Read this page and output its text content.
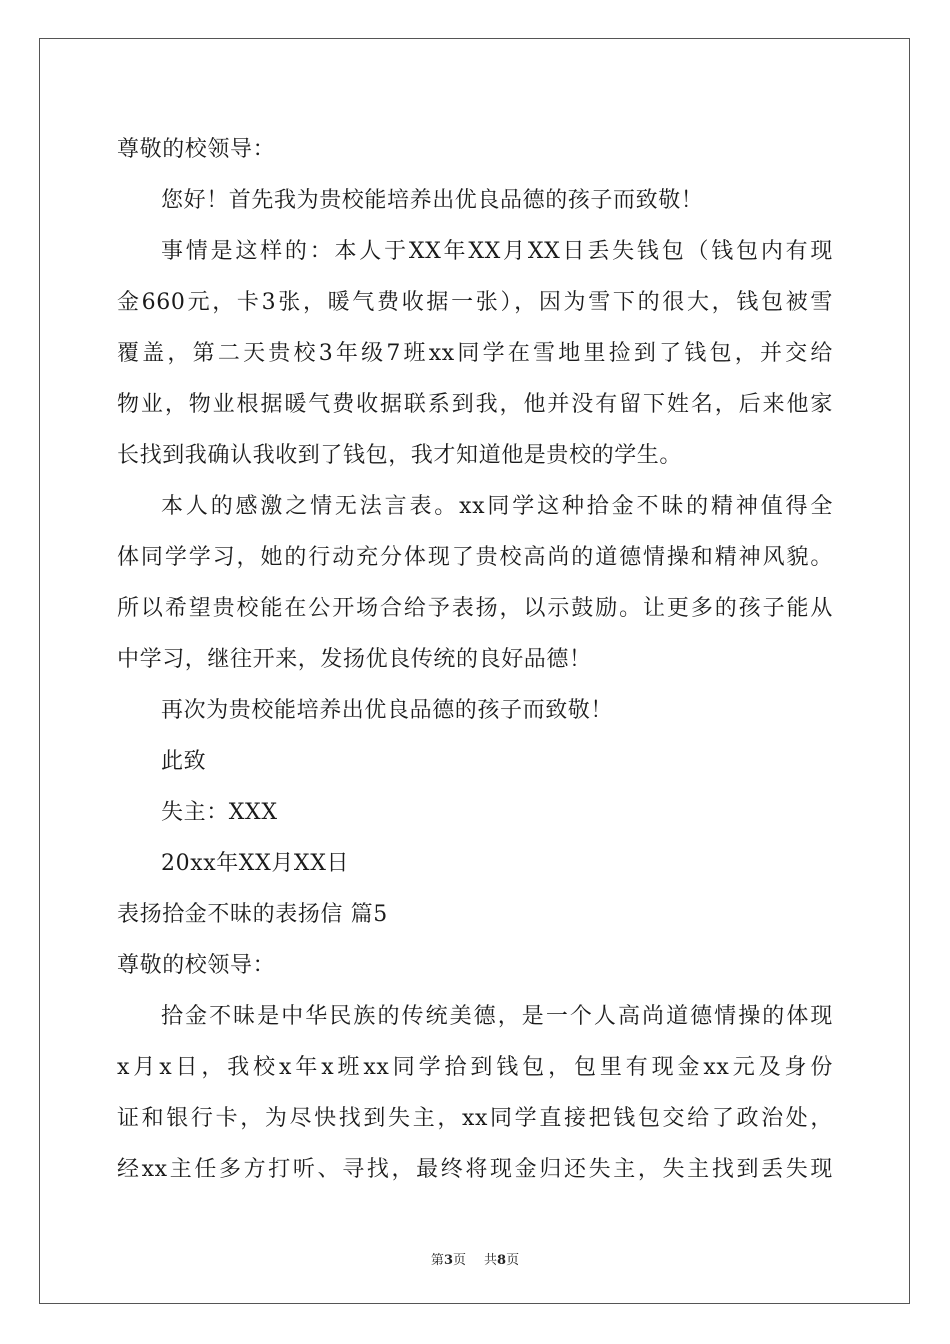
尊敬的校领导：
您好！首先我为贵校能培养出优良品德的孩子而致敬！
事情是这样的：本人于XX年XX月XX日丢失钱包（钱包内有现
金660元，卡3张，暖气费收据一张），因为雪下的很大，钱包被雪
覆盖，第二天贵校3年级7班xx同学在雪地里捡到了钱包，并交给
物业，物业根据暖气费收据联系到我，他并没有留下姓名，后来他家
长找到我确认我收到了钱包，我才知道他是贵校的学生。
本人的感激之情无法言表。xx同学这种拾金不昧的精神值得全
体同学学习，她的行动充分体现了贵校高尚的道德情操和精神风貌。
所以希望贵校能在公开场合给予表扬，以示鼓励。让更多的孩子能从
中学习，继往开来，发扬优良传统的良好品德！
再次为贵校能培养出优良品德的孩子而致敬！
此致
失主：XXX
20xx年XX月XX日
表扬拾金不昧的表扬信 篇5
尊敬的校领导：
拾金不昧是中华民族的传统美德，是一个人高尚道德情操的体现
x月x日，我校x年x班xx同学拾到钱包，包里有现金xx元及身份
证和银行卡，为尽快找到失主，xx同学直接把钱包交给了政治处，
经xx主任多方打听、寻找，最终将现金归还失主，失主找到丢失现
第3页 共8页
